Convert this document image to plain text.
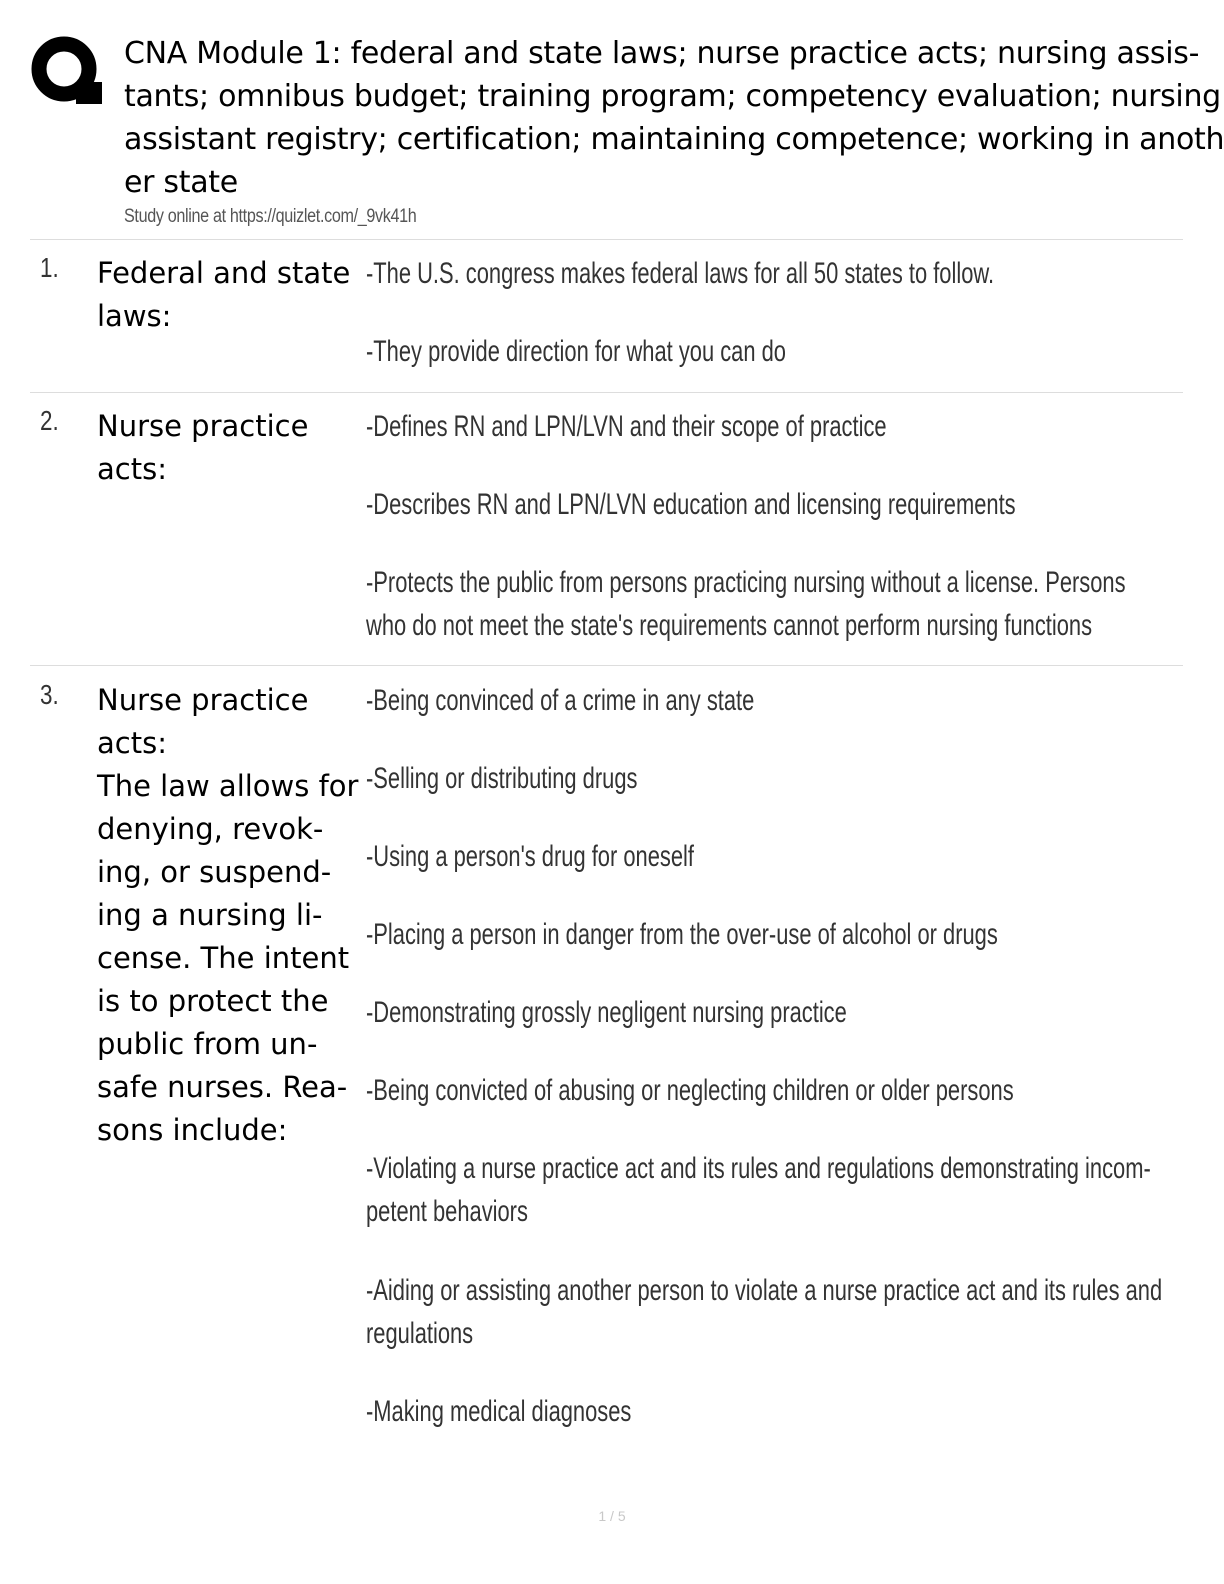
CNA Module 1: federal and state laws; nurse practice acts; nursing assis-
tants; omnibus budget; training program; competency evaluation; nursing
assistant registry; certification; maintaining competence; working in anoth
er state
Study online at https://quizlet.com/_9vk41h
1. Federal and state
laws:
-The U.S. congress makes federal laws for all 50 states to follow.
-They provide direction for what you can do
2. Nurse practice
acts:
-Defines RN and LPN/LVN and their scope of practice
-Describes RN and LPN/LVN education and licensing requirements
-Protects the public from persons practicing nursing without a license. Persons
who do not meet the state's requirements cannot perform nursing functions
3. Nurse practice
acts:
The law allows for
denying, revok-
ing, or suspend-
ing a nursing li-
cense. The intent
is to protect the
public from un-
safe nurses. Rea-
sons include:
-Being convinced of a crime in any state
-Selling or distributing drugs
-Using a person's drug for oneself
-Placing a person in danger from the over-use of alcohol or drugs
-Demonstrating grossly negligent nursing practice
-Being convicted of abusing or neglecting children or older persons
-Violating a nurse practice act and its rules and regulations demonstrating incom-
petent behaviors
-Aiding or assisting another person to violate a nurse practice act and its rules and
regulations
-Making medical diagnoses
1 / 5
